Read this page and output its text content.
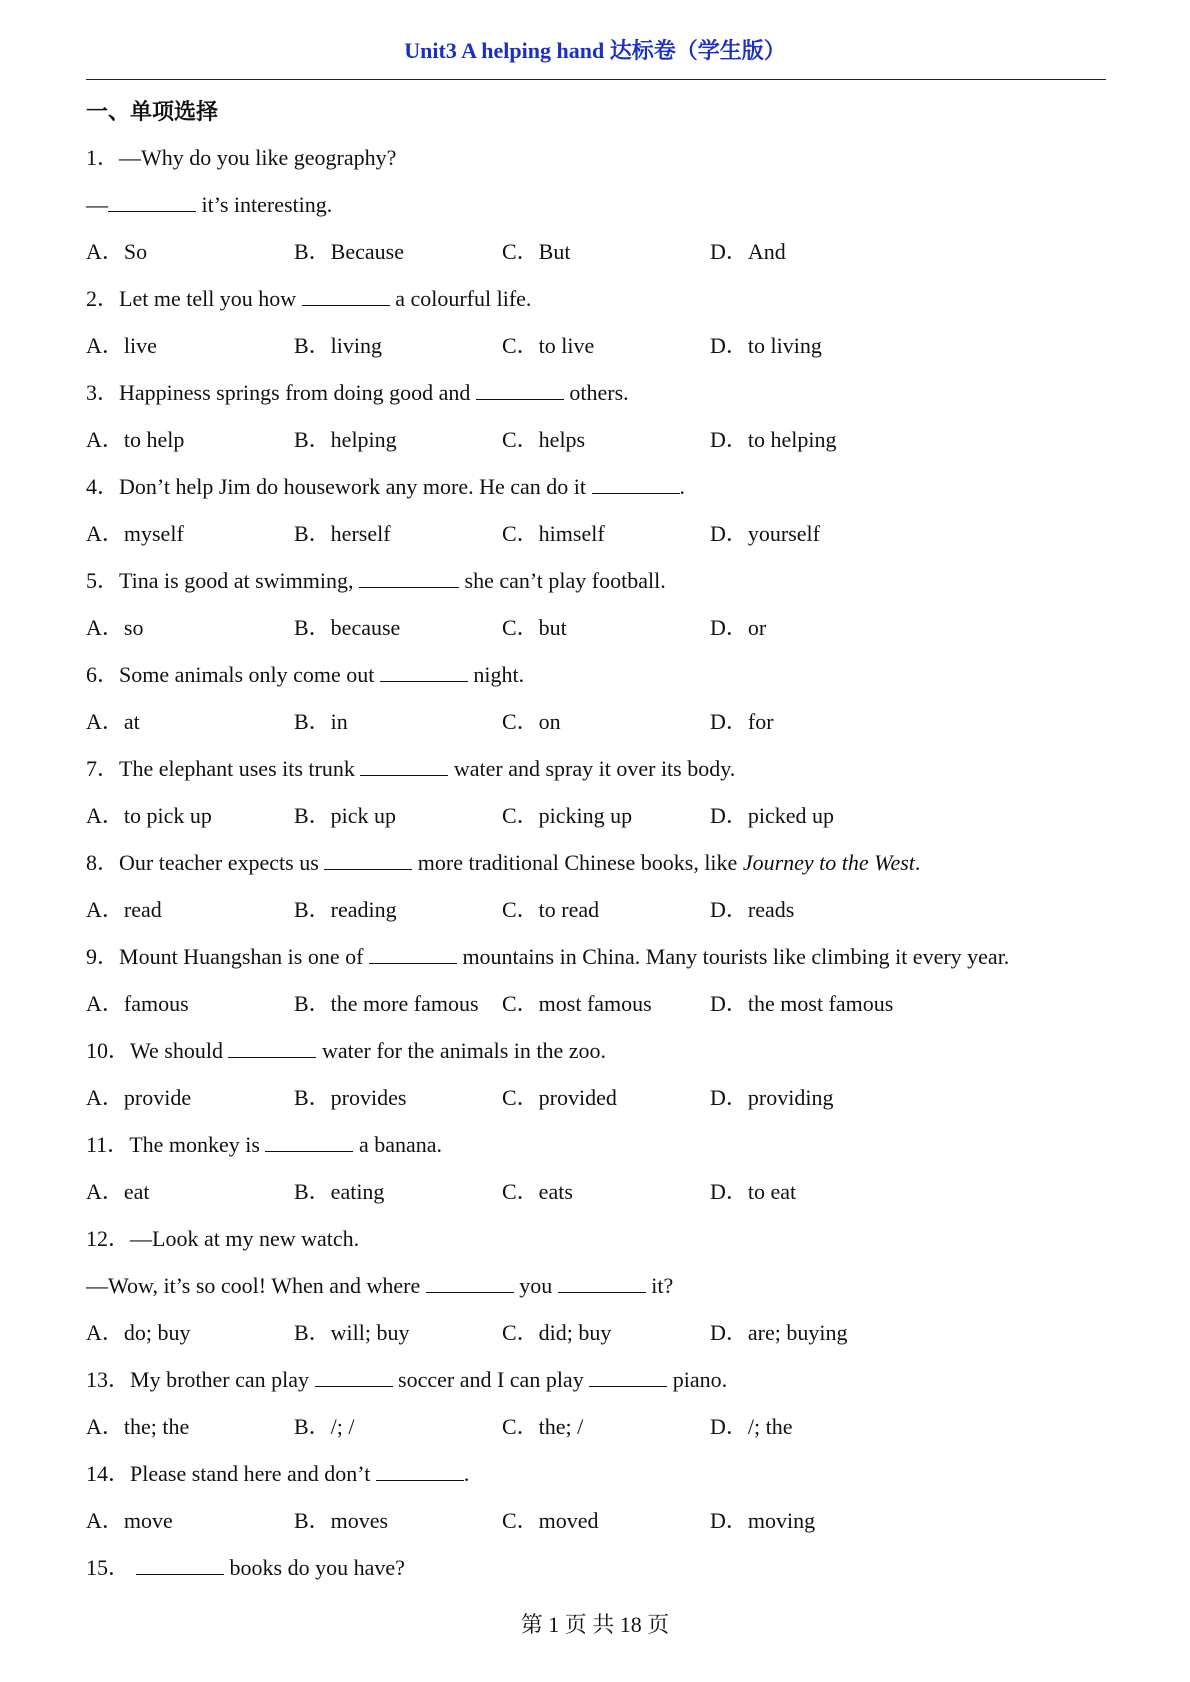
Unit3 A helping hand 达标卷（学生版）
一、单项选择
1．—Why do you like geography?
—	it’s interesting.
A．So	B．Because	C．But	D．And
2．Let me tell you how	a colourful life.
A．live	B．living	C．to live	D．to living
3．Happiness springs from doing good and	others.
A．to help	B．helping	C．helps	D．to helping
4．Don’t help Jim do housework any more. He can do it	.
A．myself	B．herself	C．himself	D．yourself
5．Tina is good at swimming,	she can’t play football.
A．so	B．because	C．but	D．or
6．Some animals only come out	night.
A．at	B．in	C．on	D．for
7．The elephant uses its trunk	water and spray it over its body.
A．to pick up	B．pick up	C．picking up	D．picked up
8．Our teacher expects us	more traditional Chinese books, like Journey to the West.
A．read	B．reading	C．to read	D．reads
9．Mount Huangshan is one of	mountains in China. Many tourists like climbing it every year.
A．famous	B．the more famous	C．most famous	D．the most famous
10．We should	water for the animals in the zoo.
A．provide	B．provides	C．provided	D．providing
11．The monkey is	a banana.
A．eat	B．eating	C．eats	D．to eat
12．—Look at my new watch.
—Wow, it’s so cool! When and where	you	it?
A．do; buy	B．will; buy	C．did; buy	D．are; buying
13．My brother can play	soccer and I can play	piano.
A．the; the	B．/; /	C．the; /	D．/; the
14．Please stand here and don’t	.
A．move	B．moves	C．moved	D．moving
15．	books do you have?
第 1 页 共 18 页
